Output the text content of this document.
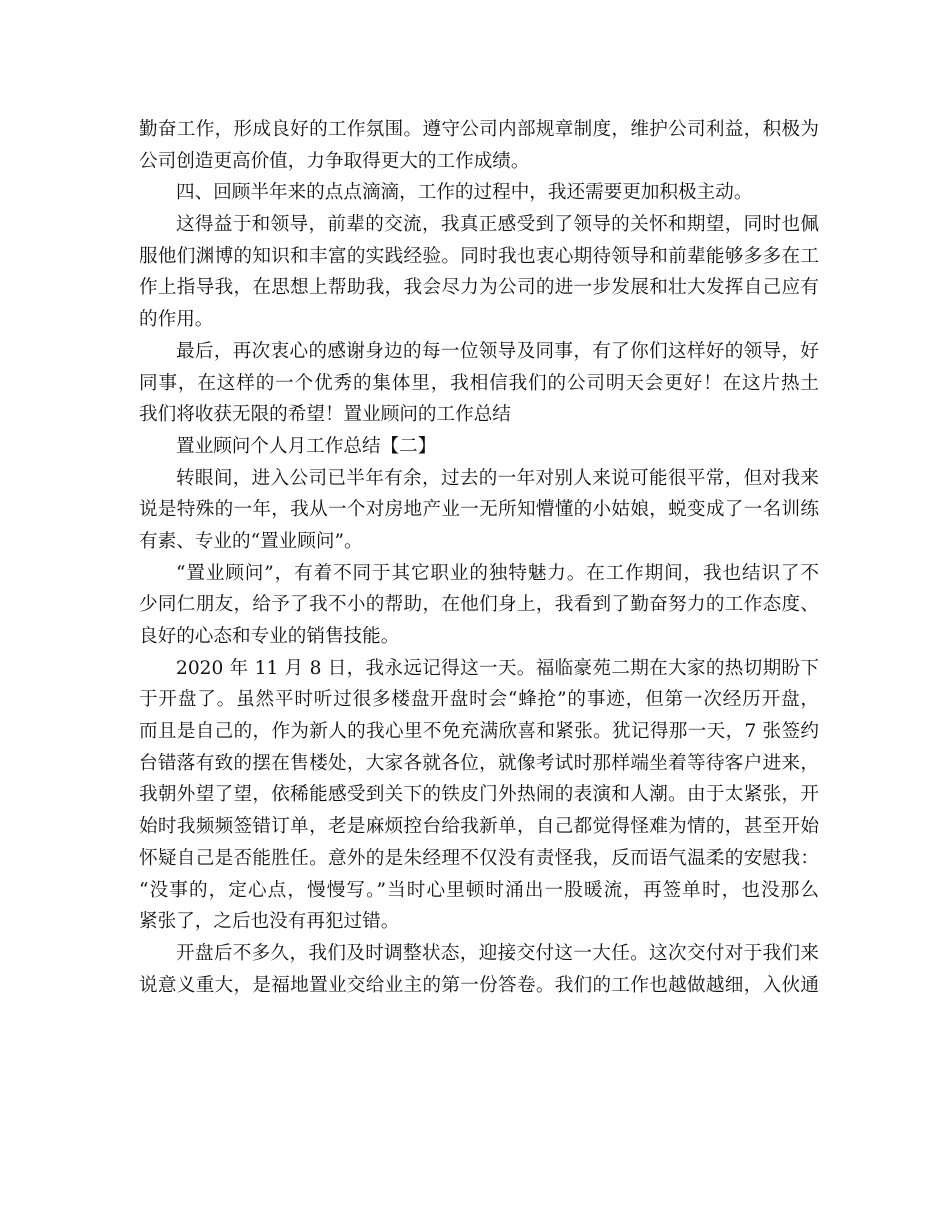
勤奋工作，形成良好的工作氛围。遵守公司内部规章制度，维护公司利益，积极为
公司创造更高价值，力争取得更大的工作成绩。
四、回顾半年来的点点滴滴，工作的过程中，我还需要更加积极主动。
这得益于和领导，前辈的交流，我真正感受到了领导的关怀和期望，同时也佩
服他们渊博的知识和丰富的实践经验。同时我也衷心期待领导和前辈能够多多在工
作上指导我，在思想上帮助我，我会尽力为公司的进一步发展和壮大发挥自己应有
的作用。
最后，再次衷心的感谢身边的每一位领导及同事，有了你们这样好的领导，好
同事，在这样的一个优秀的集体里，我相信我们的公司明天会更好！在这片热土
我们将收获无限的希望！置业顾问的工作总结
置业顾问个人月工作总结【二】
转眼间，进入公司已半年有余，过去的一年对别人来说可能很平常，但对我来
说是特殊的一年，我从一个对房地产业一无所知懵懂的小姑娘，蜕变成了一名训练
有素、专业的“置业顾问”。
“置业顾问”，有着不同于其它职业的独特魅力。在工作期间，我也结识了不
少同仁朋友，给予了我不小的帮助，在他们身上，我看到了勤奋努力的工作态度、
良好的心态和专业的销售技能。
2020 年 11 月 8 日，我永远记得这一天。福临豪苑二期在大家的热切期盼下
于开盘了。虽然平时听过很多楼盘开盘时会“蜂抢”的事迹，但第一次经历开盘，
而且是自己的，作为新人的我心里不免充满欣喜和紧张。犹记得那一天，7 张签约
台错落有致的摆在售楼处，大家各就各位，就像考试时那样端坐着等待客户进来，
我朝外望了望，依稀能感受到关下的铁皮门外热闹的表演和人潮。由于太紧张，开
始时我频频签错订单，老是麻烦控台给我新单，自己都觉得怪难为情的，甚至开始
怀疑自己是否能胜任。意外的是朱经理不仅没有责怪我，反而语气温柔的安慰我：
“没事的，定心点，慢慢写。”当时心里顿时涌出一股暖流，再签单时，也没那么
紧张了，之后也没有再犯过错。
开盘后不多久，我们及时调整状态，迎接交付这一大任。这次交付对于我们来
说意义重大，是福地置业交给业主的第一份答卷。我们的工作也越做越细，入伙通
